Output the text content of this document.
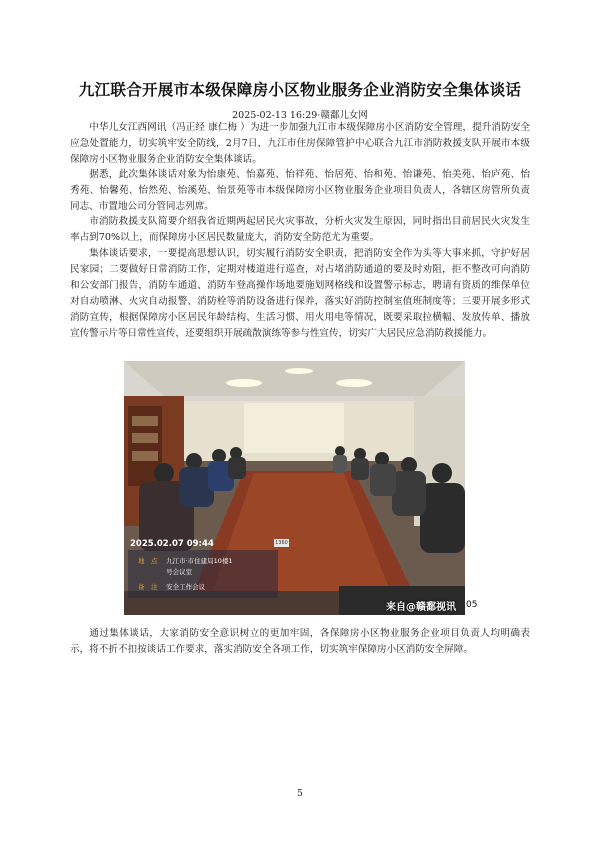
九江联合开展市本级保障房小区物业服务企业消防安全集体谈话
2025-02-13 16:29·赣鄱儿女网

中华儿女江西网讯（冯正经 康仁梅 ）为进一步加强九江市本级保障房小区消防安全管理，提升消防安全应急处置能力，切实筑牢安全防线，2月7日，九江市住房保障管护中心联合九江市消防救援支队开展市本级保障房小区物业服务企业消防安全集体谈话。

据悉，此次集体谈话对象为怡康苑、怡嘉苑、怡祥苑、怡居苑、怡和苑、怡谦苑、怡美苑、怡庐苑、怡秀苑、怡馨苑、怡然苑、怡溪苑、怡景苑等市本级保障房小区物业服务企业项目负责人，各辖区房管所负责同志、市置地公司分管同志列席。

市消防救援支队简要介绍我省近期两起居民火灾事故，分析火灾发生原因，同时指出目前居民火灾发生率占到70%以上，而保障房小区居民数量庞大，消防安全防范尤为重要。

集体谈话要求，一要提高思想认识，切实履行消防安全职责，把消防安全作为头等大事来抓，守护好居民家园；二要做好日常消防工作，定期对楼道进行巡查，对占堵消防通道的要及时劝阻，拒不整改可向消防和公安部门报告，消防车通道、消防车登高操作场地要施划网格线和设置警示标志，聘请有资质的维保单位对自动喷淋、火灾自动报警、消防栓等消防设备进行保养，落实好消防控制室值班制度等；三要开展多形式消防宣传，根据保障房小区居民年龄结构、生活习惯、用火用电等情况，既要采取拉横幅、发放传单、播放宣传警示片等日常性宣传，还要组织开展疏散演练等参与性宣传，切实广大居民应急消防救援能力。

2025.02.07 09:44	1360
地　点 九江市·市住建局10楼1
号会议室
备　注 安全工作会议
来自@赣鄱视讯 05

通过集体谈话，大家消防安全意识树立的更加牢固，各保障房小区物业服务企业项目负责人均明确表示，将不折不扣按谈话工作要求，落实消防安全各项工作，切实筑牢保障房小区消防安全屏障。

5
